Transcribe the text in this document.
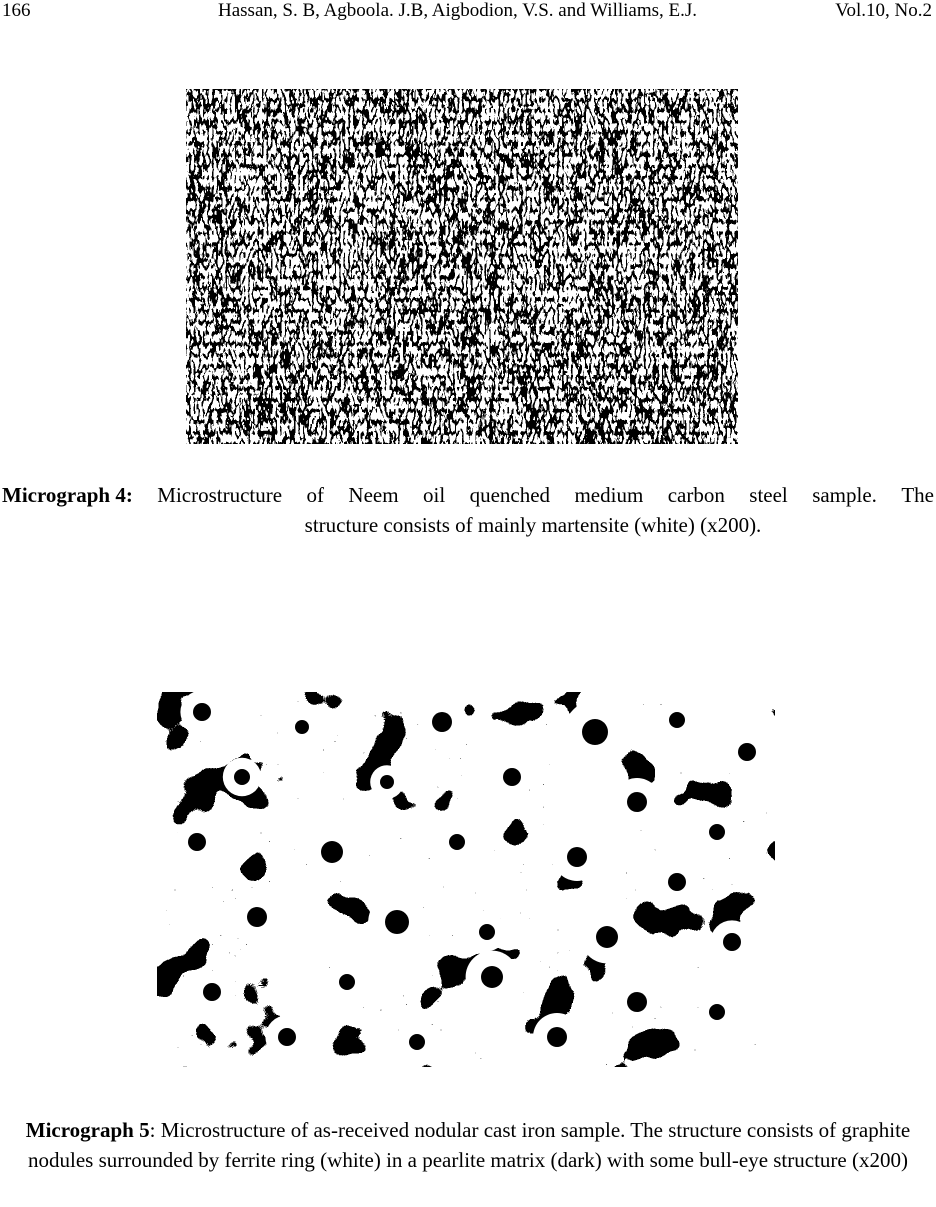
166	Hassan, S. B, Agboola. J.B, Aigbodion, V.S. and Williams, E.J.	Vol.10, No.2
Micrograph 4: Microstructure of Neem oil quenched medium carbon steel sample. The
structure consists of mainly martensite (white) (x200).
Micrograph 5: Microstructure of as-received nodular cast iron sample. The structure consists of graphite nodules surrounded by ferrite ring (white) in a pearlite matrix (dark) with some bull-eye structure (x200)
